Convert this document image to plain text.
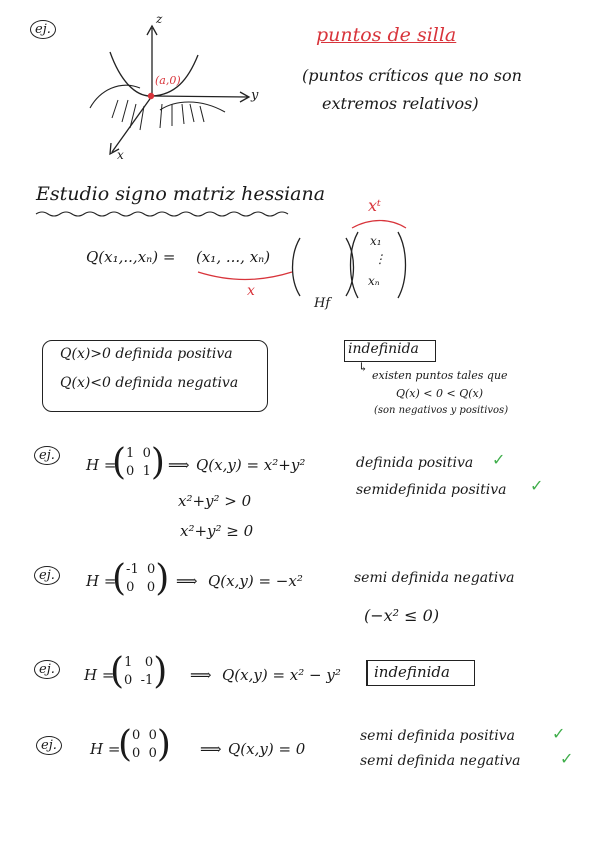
ej.
z
y
x
(a,0)
puntos de silla
(puntos críticos que no son
extremos relativos)
Estudio signo matriz hessiana
Q(x₁,..,xₙ) = (x₁, ..., xₙ)
x
xᵗ
x₁
⋮
xₙ
Hf
Q(x)>0 definida positiva
Q(x)<0 definida negativa
indefinida
↳
existen puntos tales que
Q(x) < 0 < Q(x)
(son negativos y positivos)
ej.
H =
(1 0
0 1) ⟹ Q(x,y) = x²+y²
x²+y² > 0
x²+y² ≥ 0
definida positiva ✓
semidefinida positiva ✓
ej.	H =
(-1 0
0 0) ⟹ Q(x,y) = −x²	semi definida negativa
(−x² ≤ 0)
ej.	H =
(1 0
0 -1) ⟹ Q(x,y) = x² − y² indefinida
ej.	H =
(0 0
0 0) ⟹ Q(x,y) = 0
semi definida positiva ✓
semi definida negativa ✓
